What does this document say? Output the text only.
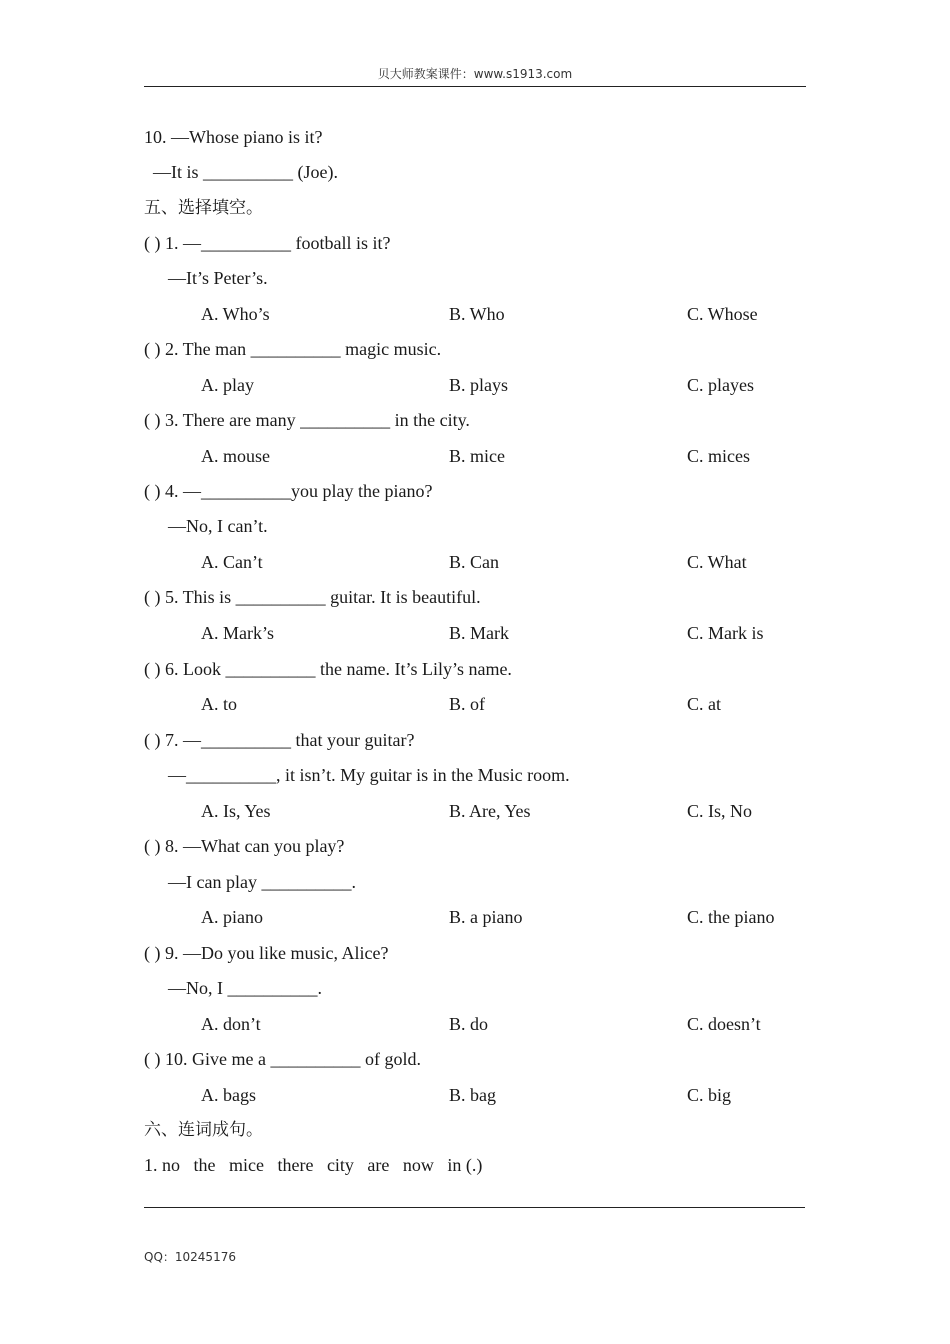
贝大师教案课件：www.s1913.com
10. —Whose piano is it?
—It is __________ (Joe).
五、选择填空。
( ) 1. —__________ football is it?
—It’s Peter’s.
A. Who’s	B. Who	C. Whose
( ) 2. The man __________ magic music.
A. play	B. plays	C. playes
( ) 3. There are many __________ in the city.
A. mouse	B. mice	C. mices
( ) 4. —__________you play the piano?
—No, I can’t.
A. Can’t	B. Can	C. What
( ) 5. This is __________ guitar. It is beautiful.
A. Mark’s	B. Mark	C. Mark is
( ) 6. Look __________ the name. It’s Lily’s name.
A. to	B. of	C. at
( ) 7. —__________ that your guitar?
—__________, it isn’t. My guitar is in the Music room.
A. Is, Yes	B. Are, Yes	C. Is, No
( ) 8. —What can you play?
—I can play __________.
A. piano	B. a piano	C. the piano
( ) 9. —Do you like music, Alice?
—No, I __________.
A. don’t	B. do	C. doesn’t
( ) 10. Give me a __________ of gold.
A. bags	B. bag	C. big
六、连词成句。
1. no   the   mice   there   city   are   now   in (.)
QQ：10245176
